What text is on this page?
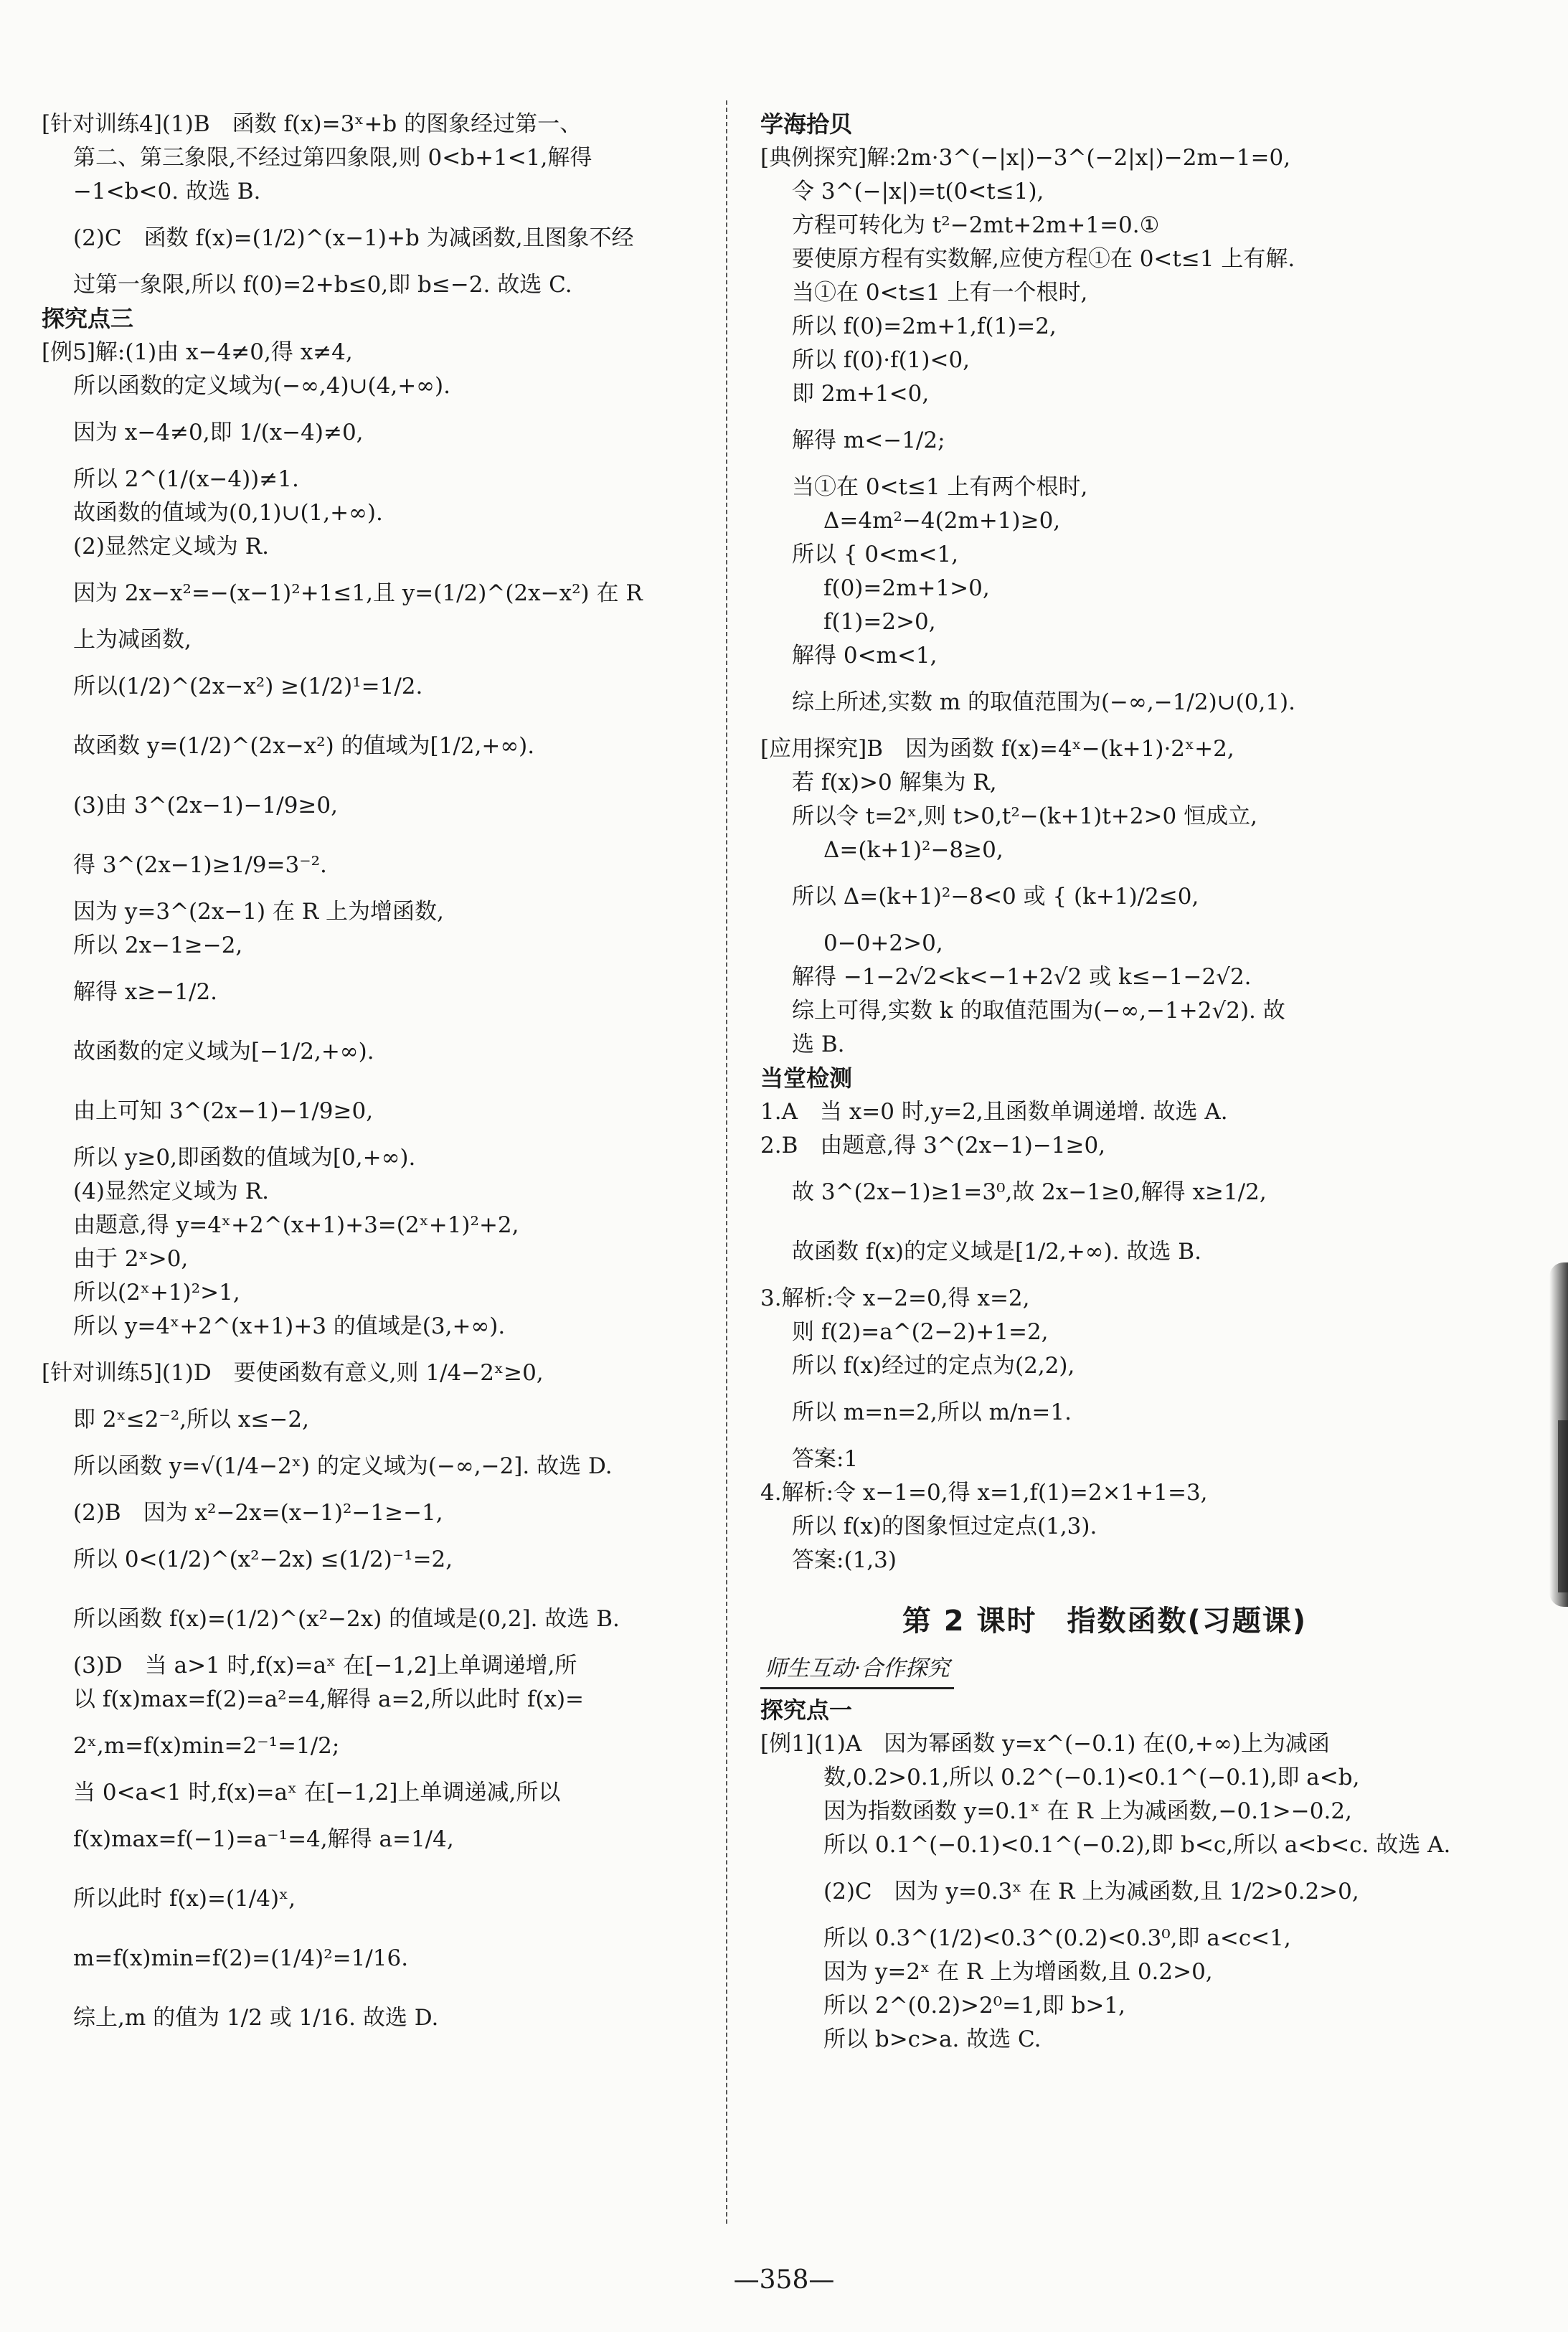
[针对训练4](1)B　函数 f(x)=3ˣ+b 的图象经过第一、
第二、第三象限,不经过第四象限,则 0<b+1<1,解得
−1<b<0. 故选 B.
(2)C　函数 f(x)=(1/2)^(x−1)+b 为减函数,且图象不经
过第一象限,所以 f(0)=2+b≤0,即 b≤−2. 故选 C.
探究点三
[例5]解:(1)由 x−4≠0,得 x≠4,
所以函数的定义域为(−∞,4)∪(4,+∞).
因为 x−4≠0,即 1/(x−4)≠0,
所以 2^(1/(x−4))≠1.
故函数的值域为(0,1)∪(1,+∞).
(2)显然定义域为 R.
因为 2x−x²=−(x−1)²+1≤1,且 y=(1/2)^(2x−x²) 在 R
上为减函数,
所以(1/2)^(2x−x²) ≥(1/2)¹=1/2.
故函数 y=(1/2)^(2x−x²) 的值域为[1/2,+∞).
(3)由 3^(2x−1)−1/9≥0,
得 3^(2x−1)≥1/9=3⁻².
因为 y=3^(2x−1) 在 R 上为增函数,
所以 2x−1≥−2,
解得 x≥−1/2.
故函数的定义域为[−1/2,+∞).
由上可知 3^(2x−1)−1/9≥0,
所以 y≥0,即函数的值域为[0,+∞).
(4)显然定义域为 R.
由题意,得 y=4ˣ+2^(x+1)+3=(2ˣ+1)²+2,
由于 2ˣ>0,
所以(2ˣ+1)²>1,
所以 y=4ˣ+2^(x+1)+3 的值域是(3,+∞).
[针对训练5](1)D　要使函数有意义,则 1/4−2ˣ≥0,
即 2ˣ≤2⁻²,所以 x≤−2,
所以函数 y=√(1/4−2ˣ) 的定义域为(−∞,−2]. 故选 D.
(2)B　因为 x²−2x=(x−1)²−1≥−1,
所以 0<(1/2)^(x²−2x) ≤(1/2)⁻¹=2,
所以函数 f(x)=(1/2)^(x²−2x) 的值域是(0,2]. 故选 B.
(3)D　当 a>1 时,f(x)=aˣ 在[−1,2]上单调递增,所
以 f(x)max=f(2)=a²=4,解得 a=2,所以此时 f(x)=
2ˣ,m=f(x)min=2⁻¹=1/2;
当 0<a<1 时,f(x)=aˣ 在[−1,2]上单调递减,所以
f(x)max=f(−1)=a⁻¹=4,解得 a=1/4,
所以此时 f(x)=(1/4)ˣ,
m=f(x)min=f(2)=(1/4)²=1/16.
综上,m 的值为 1/2 或 1/16. 故选 D.
学海拾贝
[典例探究]解:2m·3^(−|x|)−3^(−2|x|)−2m−1=0,
令 3^(−|x|)=t(0<t≤1),
方程可转化为 t²−2mt+2m+1=0.①
要使原方程有实数解,应使方程①在 0<t≤1 上有解.
当①在 0<t≤1 上有一个根时,
所以 f(0)=2m+1,f(1)=2,
所以 f(0)·f(1)<0,
即 2m+1<0,
解得 m<−1/2;
当①在 0<t≤1 上有两个根时,
Δ=4m²−4(2m+1)≥0,
所以 { 0<m<1,
f(0)=2m+1>0,
f(1)=2>0,
解得 0<m<1,
综上所述,实数 m 的取值范围为(−∞,−1/2)∪(0,1).
[应用探究]B　因为函数 f(x)=4ˣ−(k+1)·2ˣ+2,
若 f(x)>0 解集为 R,
所以令 t=2ˣ,则 t>0,t²−(k+1)t+2>0 恒成立,
Δ=(k+1)²−8≥0,
所以 Δ=(k+1)²−8<0 或 { (k+1)/2≤0,
0−0+2>0,
解得 −1−2√2<k<−1+2√2 或 k≤−1−2√2.
综上可得,实数 k 的取值范围为(−∞,−1+2√2). 故
选 B.
当堂检测
1.A　当 x=0 时,y=2,且函数单调递增. 故选 A.
2.B　由题意,得 3^(2x−1)−1≥0,
故 3^(2x−1)≥1=3⁰,故 2x−1≥0,解得 x≥1/2,
故函数 f(x)的定义域是[1/2,+∞). 故选 B.
3.解析:令 x−2=0,得 x=2,
则 f(2)=a^(2−2)+1=2,
所以 f(x)经过的定点为(2,2),
所以 m=n=2,所以 m/n=1.
答案:1
4.解析:令 x−1=0,得 x=1,f(1)=2×1+1=3,
所以 f(x)的图象恒过定点(1,3).
答案:(1,3)
第 2 课时　指数函数(习题课)
师生互动·合作探究
探究点一
[例1](1)A　因为幂函数 y=x^(−0.1) 在(0,+∞)上为减函
数,0.2>0.1,所以 0.2^(−0.1)<0.1^(−0.1),即 a<b,
因为指数函数 y=0.1ˣ 在 R 上为减函数,−0.1>−0.2,
所以 0.1^(−0.1)<0.1^(−0.2),即 b<c,所以 a<b<c. 故选 A.
(2)C　因为 y=0.3ˣ 在 R 上为减函数,且 1/2>0.2>0,
所以 0.3^(1/2)<0.3^(0.2)<0.3⁰,即 a<c<1,
因为 y=2ˣ 在 R 上为增函数,且 0.2>0,
所以 2^(0.2)>2⁰=1,即 b>1,
所以 b>c>a. 故选 C.
—358—
